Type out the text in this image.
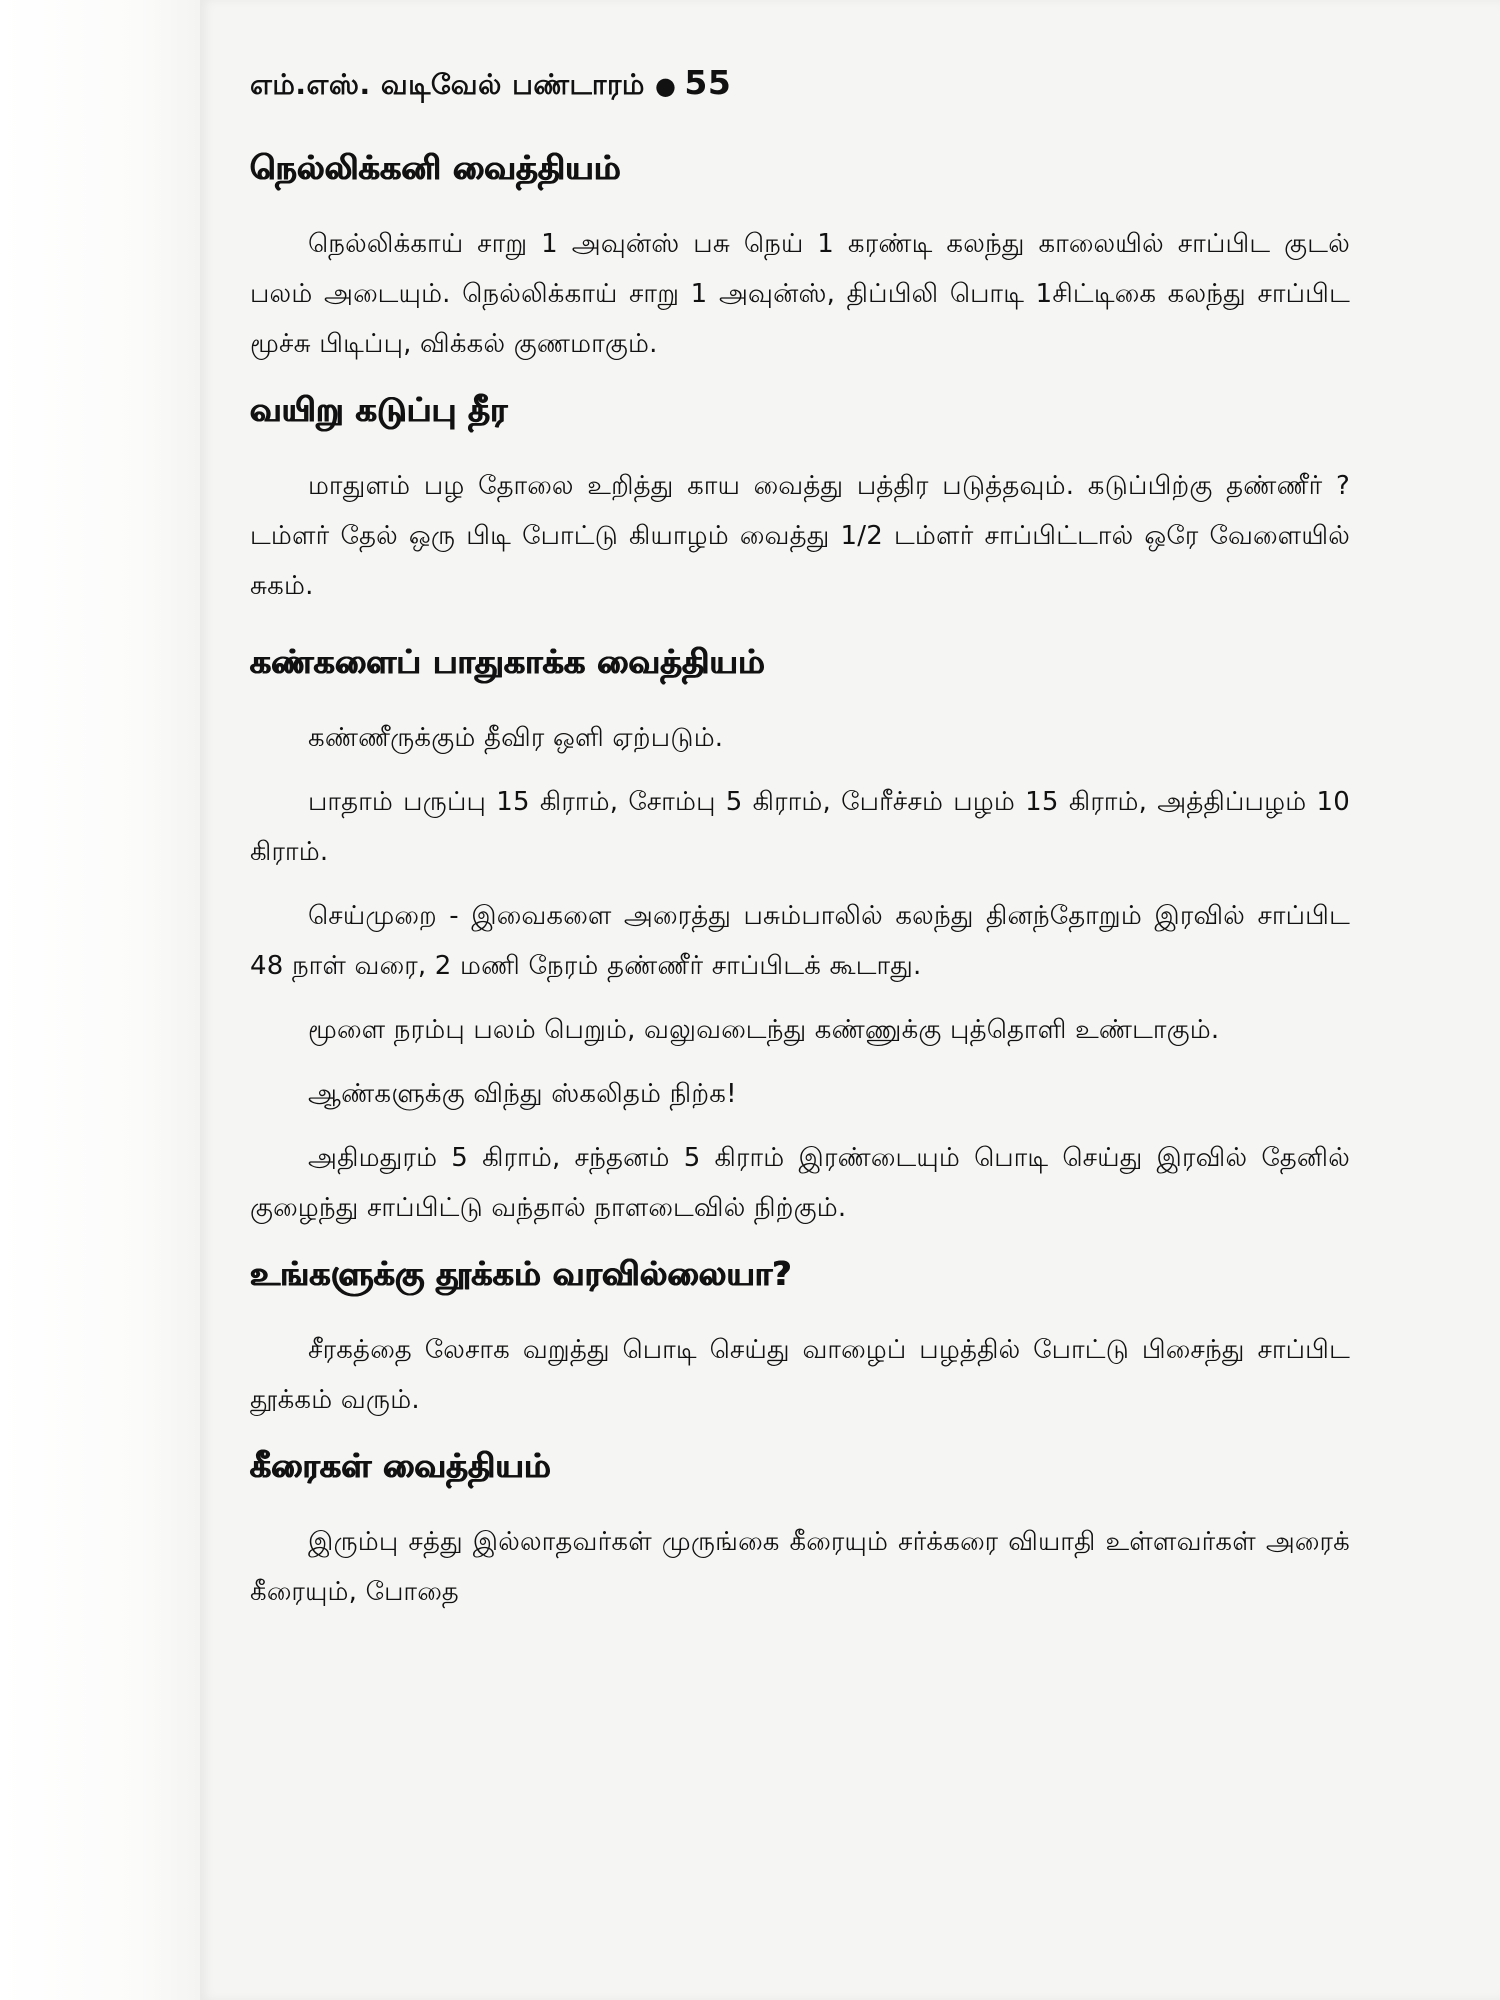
எம்.எஸ். வடிவேல் பண்டாரம் ● 55
நெல்லிக்கனி வைத்தியம்

நெல்லிக்காய் சாறு 1 அவுன்ஸ் பசு நெய் 1 கரண்டி கலந்து காலையில் சாப்பிட குடல் பலம் அடையும். நெல்லிக்காய் சாறு 1 அவுன்ஸ், திப்பிலி பொடி 1சிட்டிகை கலந்து சாப்பிட மூச்சு பிடிப்பு, விக்கல் குணமாகும்.

வயிறு கடுப்பு தீர

மாதுளம் பழ தோலை உறித்து காய வைத்து பத்திர படுத்தவும். கடுப்பிற்கு தண்ணீர் ? டம்ளர் தேல் ஒரு பிடி போட்டு கியாழம் வைத்து 1/2 டம்ளர் சாப்பிட்டால் ஒரே வேளையில் சுகம்.

கண்களைப் பாதுகாக்க வைத்தியம்

கண்ணீருக்கும் தீவிர ஒளி ஏற்படும்.

பாதாம் பருப்பு 15 கிராம், சோம்பு 5 கிராம், பேரீச்சம் பழம் 15 கிராம், அத்திப்பழம் 10 கிராம்.

செய்முறை - இவைகளை அரைத்து பசும்பாலில் கலந்து தினந்தோறும் இரவில் சாப்பிட 48 நாள் வரை, 2 மணி நேரம் தண்ணீர் சாப்பிடக் கூடாது.

மூளை நரம்பு பலம் பெறும், வலுவடைந்து கண்ணுக்கு புத்தொளி உண்டாகும்.

ஆண்களுக்கு விந்து ஸ்கலிதம் நிற்க!

அதிமதுரம் 5 கிராம், சந்தனம் 5 கிராம் இரண்டையும் பொடி செய்து இரவில் தேனில் குழைந்து சாப்பிட்டு வந்தால் நாளடைவில் நிற்கும்.

உங்களுக்கு தூக்கம் வரவில்லையா?

சீரகத்தை லேசாக வறுத்து பொடி செய்து வாழைப் பழத்தில் போட்டு பிசைந்து சாப்பிட தூக்கம் வரும்.

கீரைகள் வைத்தியம்

இரும்பு சத்து இல்லாதவர்கள் முருங்கை கீரையும் சர்க்கரை வியாதி உள்ளவர்கள் அரைக் கீரையும், போதை
